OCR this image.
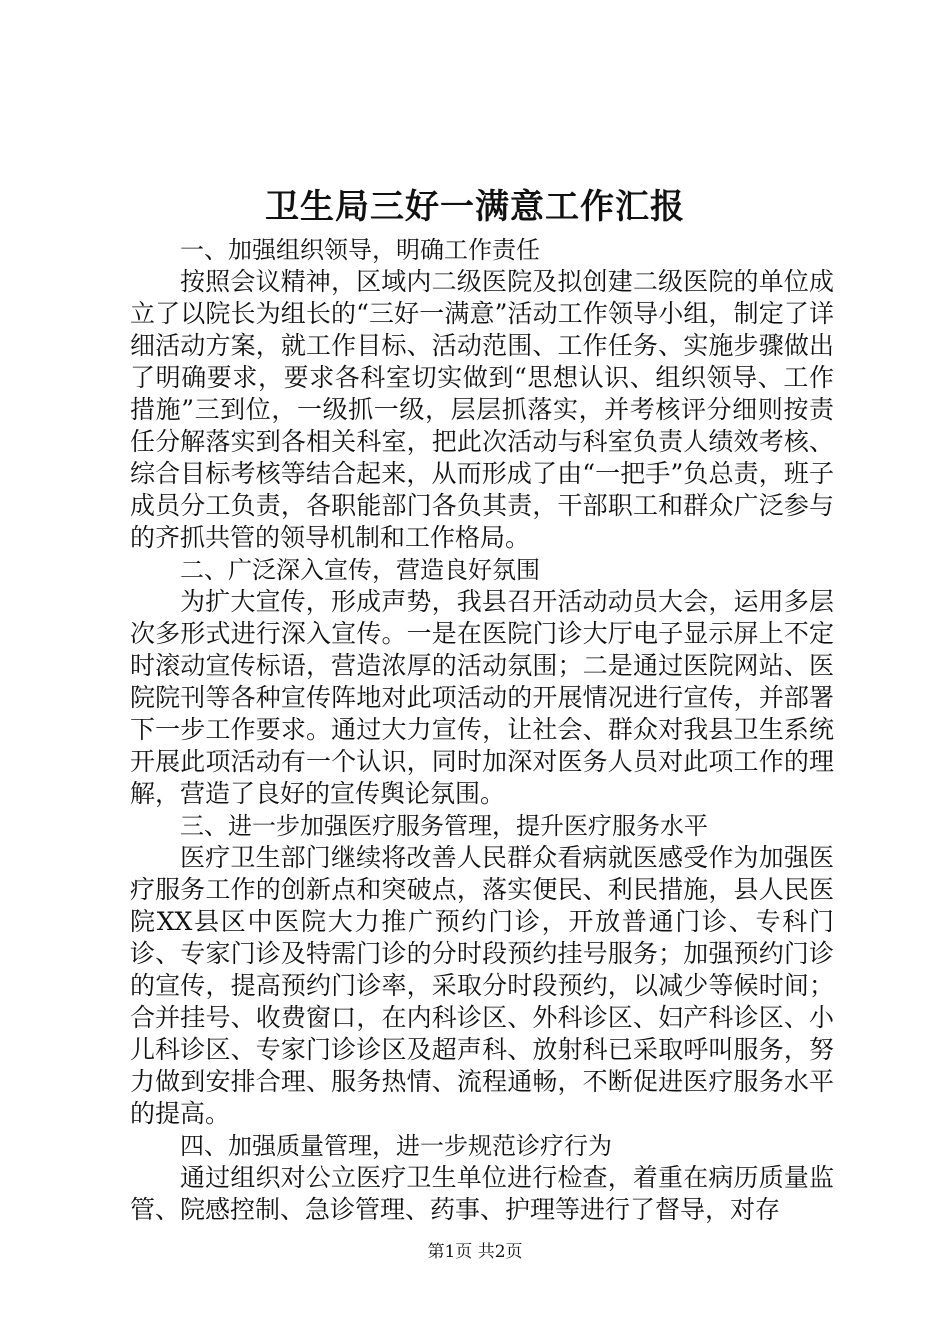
卫生局三好一满意工作汇报
一、加强组织领导，明确工作责任

按照会议精神，区域内二级医院及拟创建二级医院的单位成立了以院长为组长的“三好一满意”活动工作领导小组，制定了详细活动方案，就工作目标、活动范围、工作任务、实施步骤做出了明确要求，要求各科室切实做到“思想认识、组织领导、工作措施”三到位，一级抓一级，层层抓落实，并考核评分细则按责任分解落实到各相关科室，把此次活动与科室负责人绩效考核、综合目标考核等结合起来，从而形成了由“一把手”负总责，班子成员分工负责，各职能部门各负其责，干部职工和群众广泛参与的齐抓共管的领导机制和工作格局。

二、广泛深入宣传，营造良好氛围

为扩大宣传，形成声势，我县召开活动动员大会，运用多层次多形式进行深入宣传。一是在医院门诊大厅电子显示屏上不定时滚动宣传标语，营造浓厚的活动氛围；二是通过医院网站、医院院刊等各种宣传阵地对此项活动的开展情况进行宣传，并部署下一步工作要求。通过大力宣传，让社会、群众对我县卫生系统开展此项活动有一个认识，同时加深对医务人员对此项工作的理解，营造了良好的宣传舆论氛围。

三、进一步加强医疗服务管理，提升医疗服务水平

医疗卫生部门继续将改善人民群众看病就医感受作为加强医疗服务工作的创新点和突破点，落实便民、利民措施，县人民医院XX县区中医院大力推广预约门诊，开放普通门诊、专科门诊、专家门诊及特需门诊的分时段预约挂号服务；加强预约门诊的宣传，提高预约门诊率，采取分时段预约，以减少等候时间；合并挂号、收费窗口，在内科诊区、外科诊区、妇产科诊区、小儿科诊区、专家门诊诊区及超声科、放射科已采取呼叫服务，努力做到安排合理、服务热情、流程通畅，不断促进医疗服务水平的提高。

四、加强质量管理，进一步规范诊疗行为

通过组织对公立医疗卫生单位进行检查，着重在病历质量监管、院感控制、急诊管理、药事、护理等进行了督导，对存

第1页 共2页
